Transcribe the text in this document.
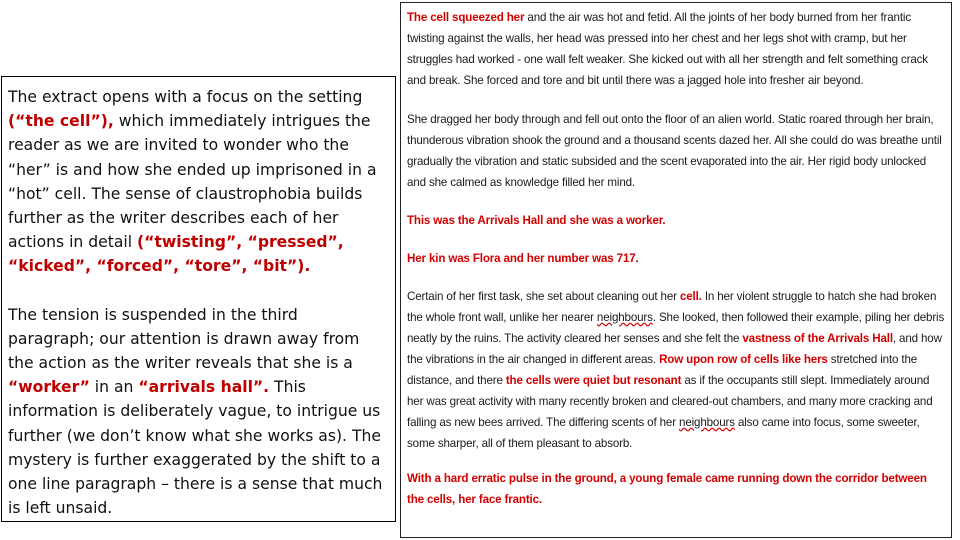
The extract opens with a focus on the setting
(“the cell”), which immediately intrigues the reader as we are invited to wonder who the “her” is and how she ended up imprisoned in a “hot” cell. The sense of claustrophobia builds further as the writer describes each of her actions in detail (“twisting”, “pressed”, “kicked”, “forced”, “tore”, “bit”).

The tension is suspended in the third paragraph; our attention is drawn away from the action as the writer reveals that she is a “worker” in an “arrivals hall”. This information is deliberately vague, to intrigue us further (we don’t know what she works as). The mystery is further exaggerated by the shift to a one line paragraph – there is a sense that much is left unsaid.

The cell squeezed her and the air was hot and fetid. All the joints of her body burned from her frantic twisting against the walls, her head was pressed into her chest and her legs shot with cramp, but her struggles had worked - one wall felt weaker. She kicked out with all her strength and felt something crack and break. She forced and tore and bit until there was a jagged hole into fresher air beyond.

She dragged her body through and fell out onto the floor of an alien world. Static roared through her brain, thunderous vibration shook the ground and a thousand scents dazed her. All she could do was breathe until gradually the vibration and static subsided and the scent evaporated into the air. Her rigid body unlocked and she calmed as knowledge filled her mind.

This was the Arrivals Hall and she was a worker.

Her kin was Flora and her number was 717.

Certain of her first task, she set about cleaning out her cell. In her violent struggle to hatch she had broken the whole front wall, unlike her nearer neighbours. She looked, then followed their example, piling her debris neatly by the ruins. The activity cleared her senses and she felt the vastness of the Arrivals Hall, and how the vibrations in the air changed in different areas. Row upon row of cells like hers stretched into the distance, and there the cells were quiet but resonant as if the occupants still slept. Immediately around her was great activity with many recently broken and cleared-out chambers, and many more cracking and falling as new bees arrived. The differing scents of her neighbours also came into focus, some sweeter, some sharper, all of them pleasant to absorb.

With a hard erratic pulse in the ground, a young female came running down the corridor between the cells, her face frantic.
